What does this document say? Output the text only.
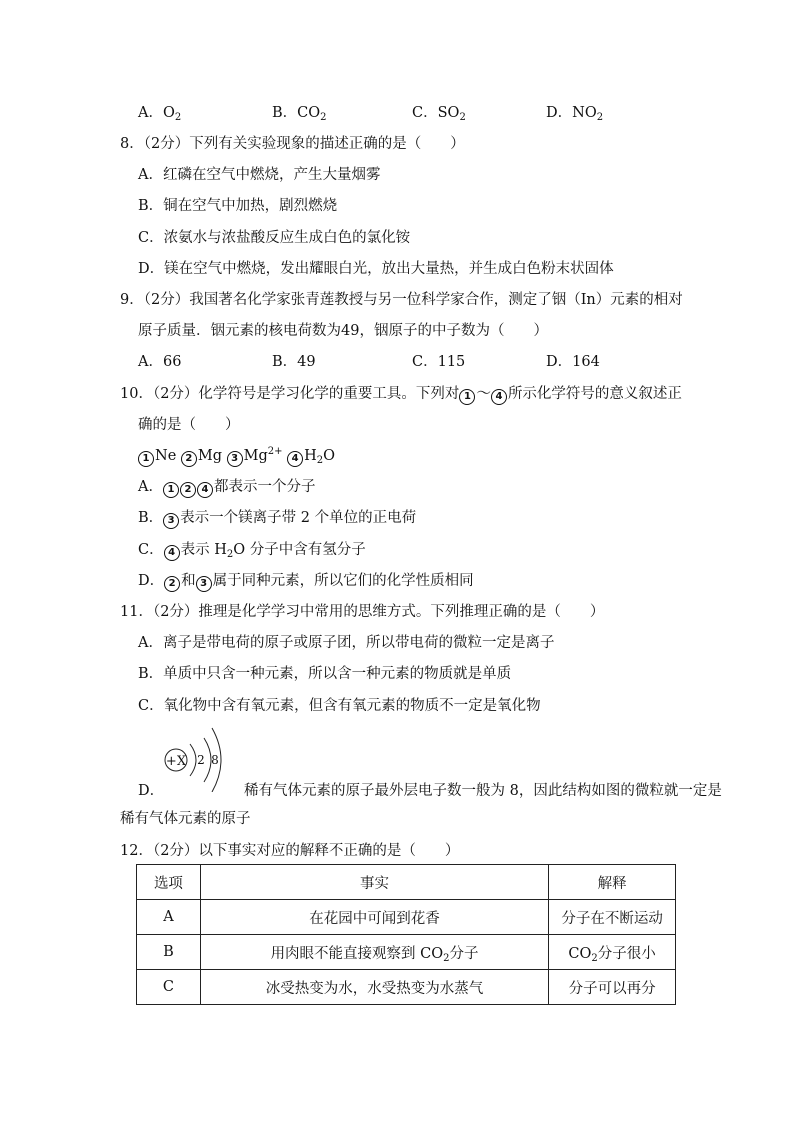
A．$O_2$	B．$CO_2$	C．$SO_2$	D．$NO_2$
8．（2分）下列有关实验现象的描述正确的是（　　）
A．红磷在空气中燃烧，产生大量烟雾
B．铜在空气中加热，剧烈燃烧
C．浓氨水与浓盐酸反应生成白色的氯化铵
D．镁在空气中燃烧，发出耀眼白光，放出大量热，并生成白色粉末状固体
9．（2分）我国著名化学家张青莲教授与另一位科学家合作，测定了铟（In）元素的相对
原子质量．铟元素的核电荷数为49，铟原子的中子数为（　　）
A．66	B．49	C．115	D．164
10．（2分）化学符号是学习化学的重要工具。下列对 1 ～ 4 所示化学符号的意义叙述正
确的是（　　）
1 Ne 2 Mg 3 $Mg^{2+}$ 4 $H_2O$
A． 1 2 4 都表示一个分子
B． 3 表示一个镁离子带 2 个单位的正电荷
C． 4 表示 $H_2O$ 分子中含有氢分子
D． 2 和 3 属于同种元素，所以它们的化学性质相同
11．（2分）推理是化学学习中常用的思维方式。下列推理正确的是（　　）
A．离子是带电荷的原子或原子团，所以带电荷的微粒一定是离子
B．单质中只含一种元素，所以含一种元素的物质就是单质
C．氧化物中含有氧元素，但含有氧元素的物质不一定是氧化物
+X 2 8
D．	稀有气体元素的原子最外层电子数一般为 8，因此结构如图的微粒就一定是
稀有气体元素的原子
12．（2分）以下事实对应的解释不正确的是（　　）
选项	事实	解释
A	在花园中可闻到花香	分子在不断运动
B	用肉眼不能直接观察到 $CO_2$分子	$CO_2$分子很小
C	冰受热变为水，水受热变为水蒸气	分子可以再分
